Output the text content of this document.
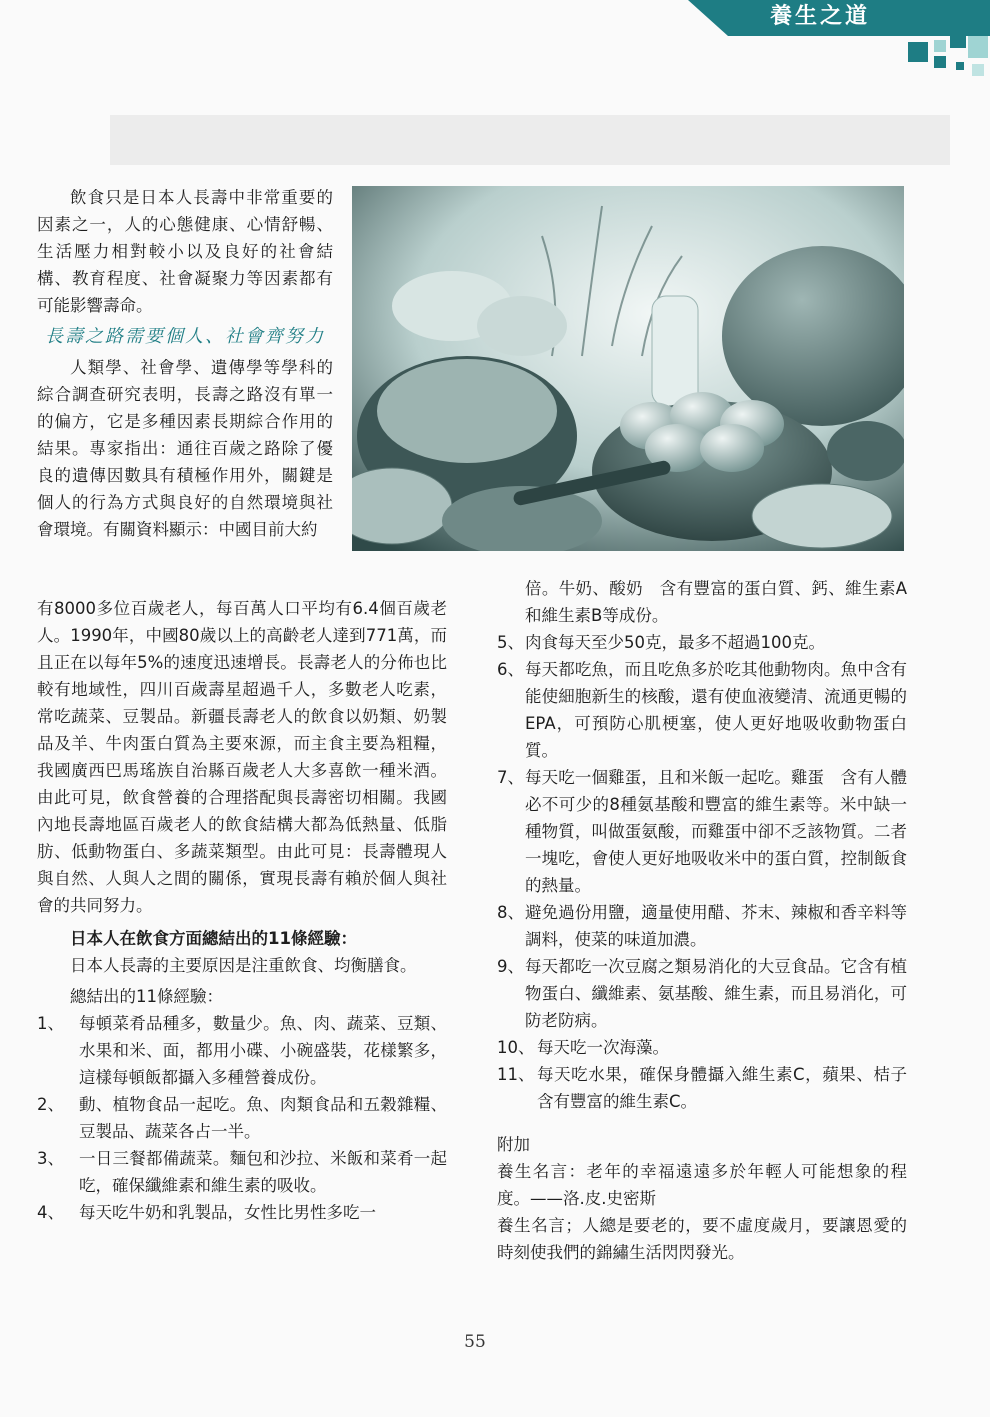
養生之道

飲食只是日本人長壽中非常重要的因素之一，人的心態健康、心情舒暢、生活壓力相對較小以及良好的社會結構、教育程度、社會凝聚力等因素都有可能影響壽命。

長壽之路需要個人、社會齊努力

人類學、社會學、遺傳學等學科的綜合調查研究表明，長壽之路沒有單一的偏方，它是多種因素長期綜合作用的結果。專家指出：通往百歲之路除了優良的遺傳因數具有積極作用外，關鍵是個人的行為方式與良好的自然環境與社會環境。有關資料顯示：中國目前大約

有8000多位百歲老人，每百萬人口平均有6.4個百歲老人。1990年，中國80歲以上的高齡老人達到771萬，而且正在以每年5%的速度迅速增長。長壽老人的分佈也比較有地域性，四川百歲壽星超過千人，多數老人吃素，常吃蔬菜、豆製品。新疆長壽老人的飲食以奶類、奶製品及羊、牛肉蛋白質為主要來源，而主食主要為粗糧，我國廣西巴馬瑤族自治縣百歲老人大多喜飲一種米酒。由此可見，飲食營養的合理搭配與長壽密切相關。我國內地長壽地區百歲老人的飲食結構大都為低熱量、低脂肪、低動物蛋白、多蔬菜類型。由此可見：長壽體現人與自然、人與人之間的關係，實現長壽有賴於個人與社會的共同努力。

日本人在飲食方面總結出的11條經驗：

日本人長壽的主要原因是注重飲食、均衡膳食。

總結出的11條經驗：

1、 每頓菜肴品種多，數量少。魚、肉、蔬菜、豆類、水果和米、面，都用小碟、小碗盛裝，花樣繁多，這樣每頓飯都攝入多種營養成份。
2、 動、植物食品一起吃。魚、肉類食品和五穀雜糧、豆製品、蔬菜各占一半。
3、 一日三餐都備蔬菜。麵包和沙拉、米飯和菜肴一起吃，確保纖維素和維生素的吸收。
4、 每天吃牛奶和乳製品，女性比男性多吃一

倍。牛奶、酸奶　含有豐富的蛋白質、鈣、維生素A和維生素B等成份。

5、 肉食每天至少50克，最多不超過100克。
6、 每天都吃魚，而且吃魚多於吃其他動物肉。魚中含有能使細胞新生的核酸，還有使血液變清、流通更暢的EPA，可預防心肌梗塞，使人更好地吸收動物蛋白質。
7、 每天吃一個雞蛋，且和米飯一起吃。雞蛋　含有人體必不可少的8種氨基酸和豐富的維生素等。米中缺一種物質，叫做蛋氨酸，而雞蛋中卻不乏該物質。二者一塊吃，會使人更好地吸收米中的蛋白質，控制飯食的熱量。
8、 避免過份用鹽，適量使用醋、芥末、辣椒和香辛料等調料，使菜的味道加濃。
9、 每天都吃一次豆腐之類易消化的大豆食品。它含有植物蛋白、纖維素、氨基酸、維生素，而且易消化，可防老防病。
10、 每天吃一次海藻。
11、 每天吃水果，確保身體攝入維生素C，蘋果、桔子　含有豐富的維生素C。

附加

養生名言：老年的幸福遠遠多於年輕人可能想象的程度。——洛.皮.史密斯

養生名言；人總是要老的，要不虛度歲月，要讓恩愛的時刻使我們的錦繡生活閃閃發光。

55
